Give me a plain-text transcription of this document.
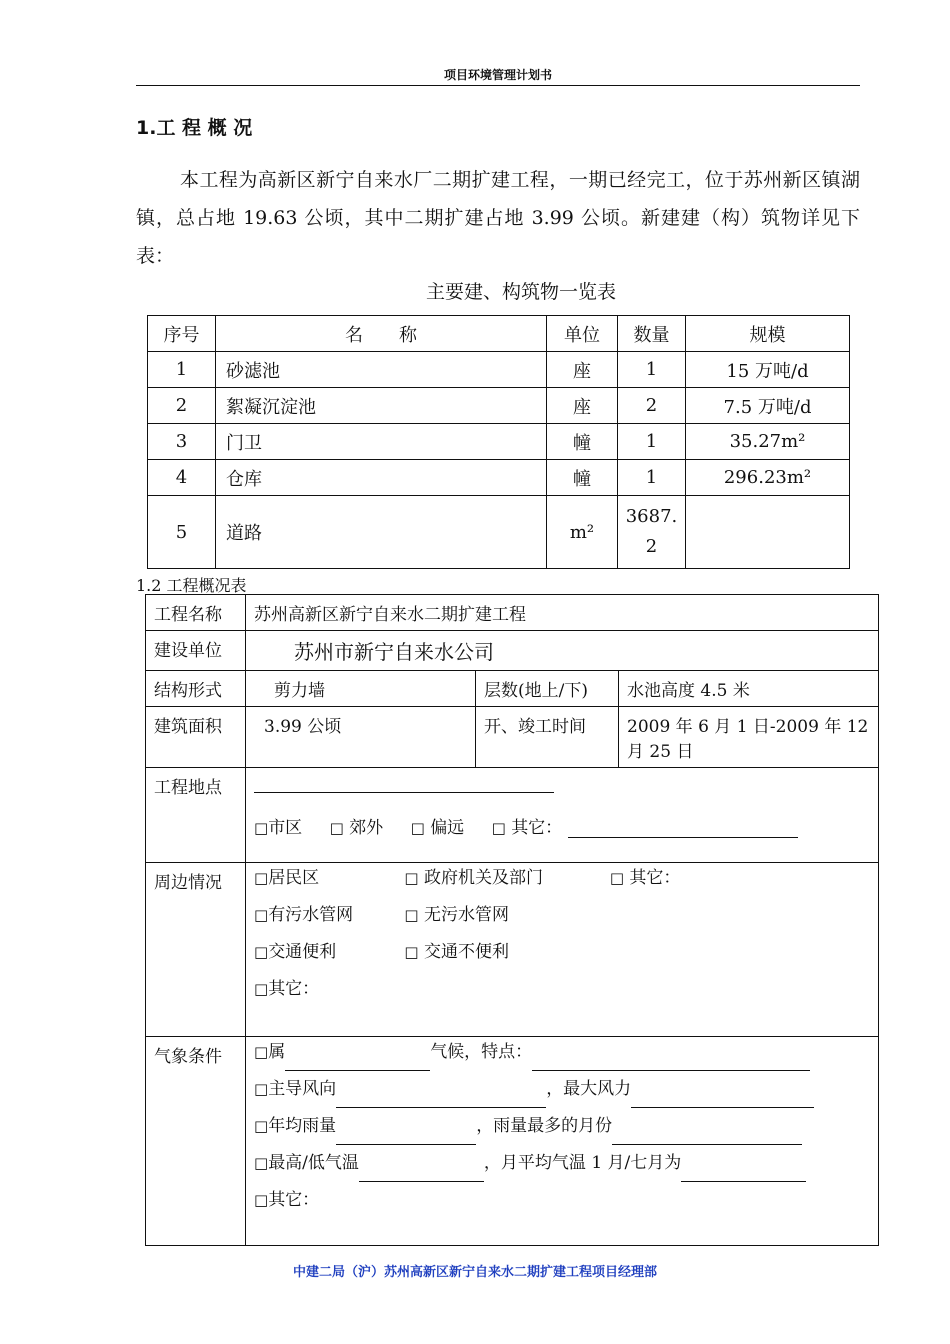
项目环境管理计划书
1.工 程 概 况

本工程为高新区新宁自来水厂二期扩建工程，一期已经完工，位于苏州新区镇湖镇，总占地 19.63 公顷，其中二期扩建占地 3.99 公顷。新建建（构）筑物详见下表：

主要建、构筑物一览表
序号	名　　称	单位	数量	规模
1	砂滤池	座	1	15 万吨/d
2	絮凝沉淀池	座	2	7.5 万吨/d
3	门卫	幢	1	35.27m²
4	仓库	幢	1	296.23m²
5	道路	m²	3687.
2	

1.2 工程概况表
工程名称	苏州高新区新宁自来水二期扩建工程		
建设单位	苏州市新宁自来水公司		
结构形式	剪力墙	层数(地上/下)	水池高度 4.5 米
建筑面积	3.99 公顷	开、竣工时间	2009 年 6 月 1 日-2009 年 12 月 25 日
工程地点	□市区 □ 郊外 □ 偏远 □ 其它：		

周边情况	□居民区 □ 政府机关及部门 □ 其它：
□有污水管网 □ 无污水管网
□交通便利 □ 交通不便利
□其它：		

气象条件	□属 气候，特点：
□主导风向 ，最大风力
□年均雨量 ，雨量最多的月份
□最高/低气温 ，月平均气温 1 月/七月为
□其它：		
中建二局（沪）苏州高新区新宁自来水二期扩建工程项目经理部
